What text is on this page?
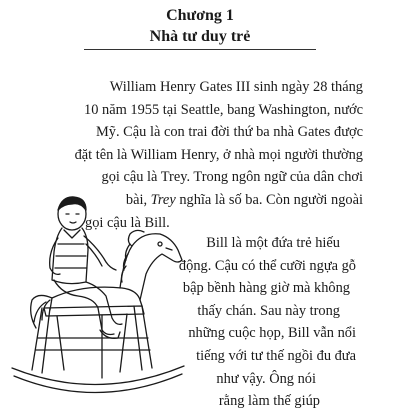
Chương 1
Nhà tư duy trẻ

William Henry Gates III sinh ngày 28 tháng
10 năm 1955 tại Seattle, bang Washington, nước
Mỹ. Cậu là con trai đời thứ ba nhà Gates được
đặt tên là William Henry, ở nhà mọi người thường
gọi cậu là Trey. Trong ngôn ngữ của dân chơi
bài, Trey nghĩa là số ba. Còn người ngoài
gọi cậu là Bill.

Bill là một đứa trẻ hiếu
động. Cậu có thể cưỡi ngựa gỗ
bập bềnh hàng giờ mà không
thấy chán. Sau này trong
những cuộc họp, Bill vẫn nổi
tiếng với tư thế ngồi đu đưa
như vậy. Ông nói
rằng làm thế giúp
